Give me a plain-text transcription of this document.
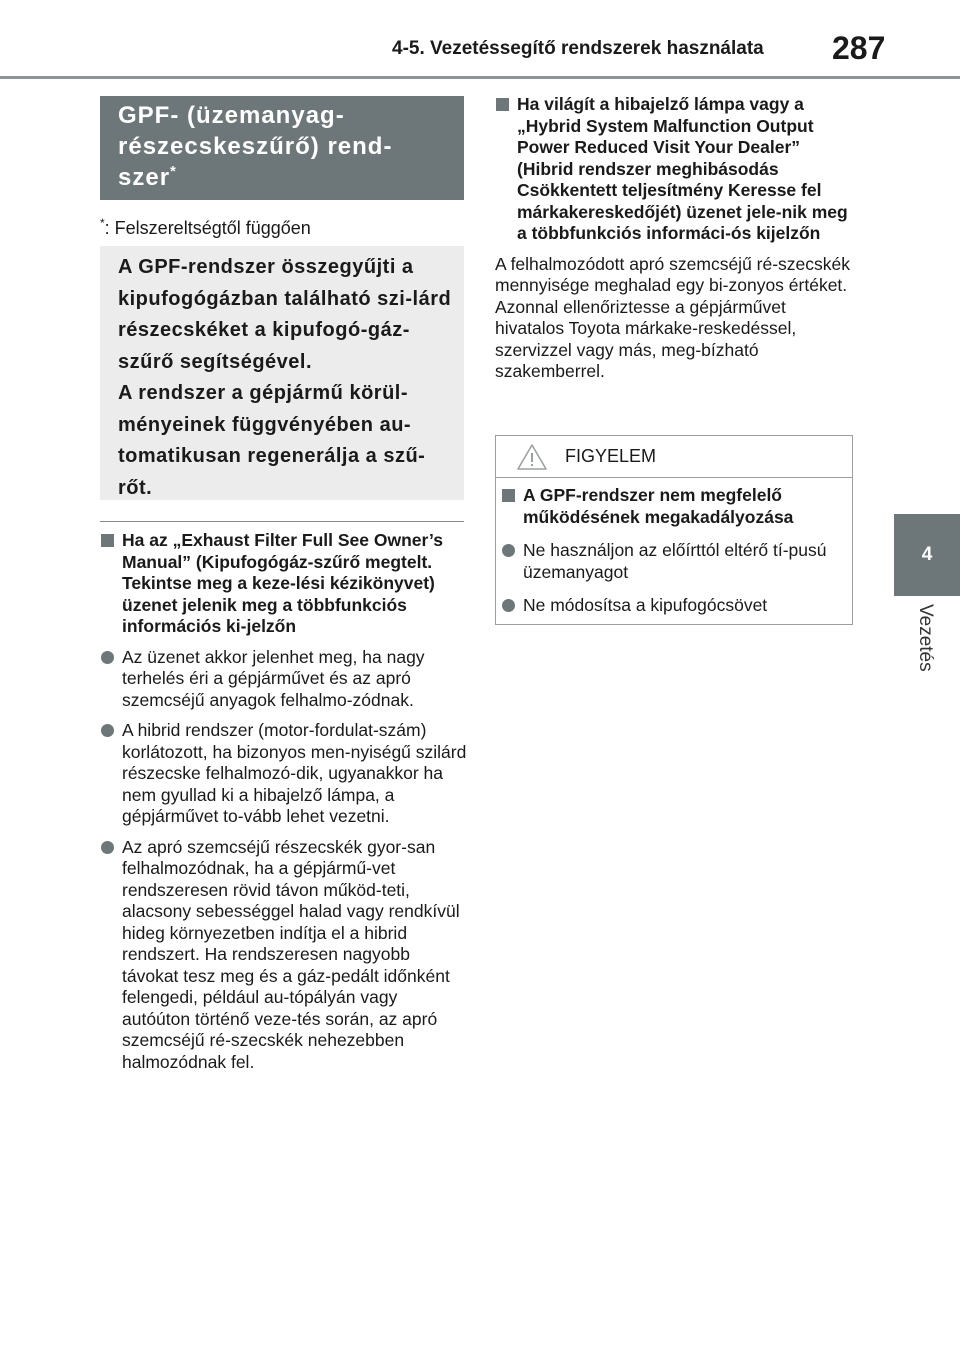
4-5. Vezetéssegítő rendszerek használata 287
4
Vezetés
GPF- (üzemanyag-
részecskeszűrő) rend-
szer*
*: Felszereltségtől függően

A GPF-rendszer összegyűjti a kipufogógázban található szi-lárd részecskéket a kipufogó-gáz-szűrő segítségével.

A rendszer a gépjármű körül-ményeinek függvényében au-tomatikusan regenerálja a szű-rőt.

Ha az „Exhaust Filter Full See Owner’s Manual” (Kipufogógáz-szűrő megtelt. Tekintse meg a keze-lési kézikönyvet) üzenet jelenik meg a többfunkciós információs ki-jelzőn
Az üzenet akkor jelenhet meg, ha nagy terhelés éri a gépjárművet és az apró szemcséjű anyagok felhalmo-zódnak.
A hibrid rendszer (motor-fordulat-szám) korlátozott, ha bizonyos men-nyiségű szilárd részecske felhalmozó-dik, ugyanakkor ha nem gyullad ki a hibajelző lámpa, a gépjárművet to-vább lehet vezetni.
Az apró szemcséjű részecskék gyor-san felhalmozódnak, ha a gépjármű-vet rendszeresen rövid távon működ-teti, alacsony sebességgel halad vagy rendkívül hideg környezetben indítja el a hibrid rendszert. Ha rendszeresen nagyobb távokat tesz meg és a gáz-pedált időnként felengedi, például au-tópályán vagy autóúton történő veze-tés során, az apró szemcséjű ré-szecskék nehezebben halmozódnak fel.
Ha világít a hibajelző lámpa vagy a „Hybrid System Malfunction Output Power Reduced Visit Your Dealer” (Hibrid rendszer meghibásodás Csökkentett teljesítmény Keresse fel márkakereskedőjét) üzenet jele-nik meg a többfunkciós informáci-ós kijelzőn
A felhalmozódott apró szemcséjű ré-szecskék mennyisége meghalad egy bi-zonyos értéket. Azonnal ellenőriztesse a gépjárművet hivatalos Toyota márkake-reskedéssel, szervizzel vagy más, meg-bízható szakemberrel.
FIGYELEM
A GPF-rendszer nem megfelelő működésének megakadályozása
Ne használjon az előírttól eltérő tí-pusú üzemanyagot
Ne módosítsa a kipufogócsövet
